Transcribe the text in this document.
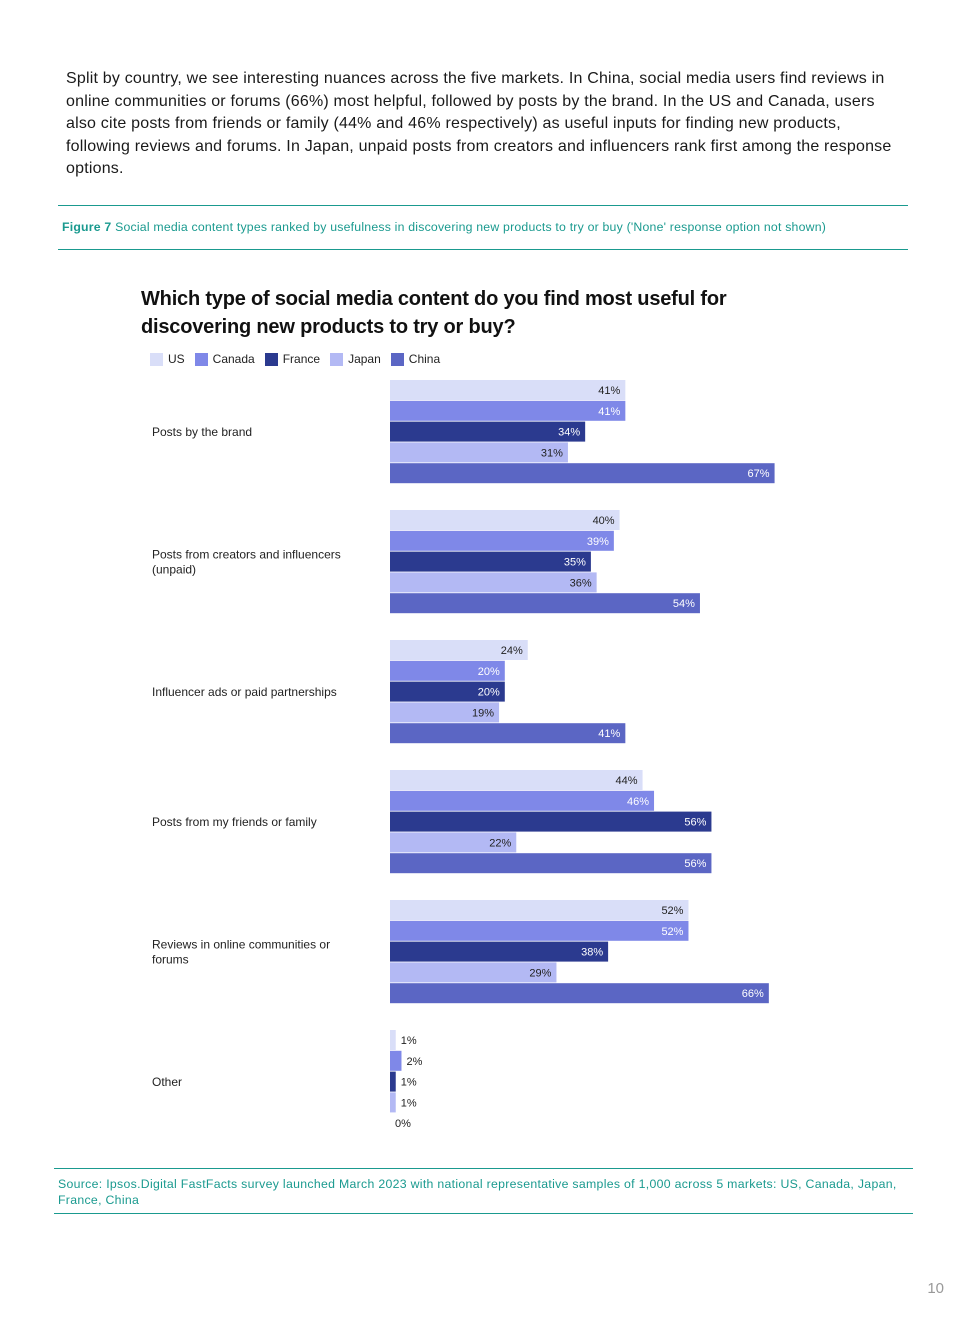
Split by country, we see interesting nuances across the five markets. In China, social media users find reviews in online communities or forums (66%) most helpful, followed by posts by the brand. In the US and Canada, users also cite posts from friends or family (44% and 46% respectively) as useful inputs for finding new products, following reviews and forums. In Japan, unpaid posts from creators and influencers rank first among the response options.
Figure 7 Social media content types ranked by usefulness in discovering new products to try or buy ('None' response option not shown)
Which type of social media content do you find most useful for discovering new products to try or buy?
US Canada France Japan China
Posts by the brand
41%
41%
34%
31%
67%
Posts from creators and influencers (unpaid)
40%
39%
35%
36%
54%
Influencer ads or paid partnerships
24%
20%
20%
19%
41%
Posts from my friends or family
44%
46%
56%
22%
56%
Reviews in online communities or forums
52%
52%
38%
29%
66%
Other
1%
2%
1%
1%
0%
Source: Ipsos.Digital FastFacts survey launched March 2023 with national representative samples of 1,000 across 5 markets: US, Canada, Japan, France, China
10
